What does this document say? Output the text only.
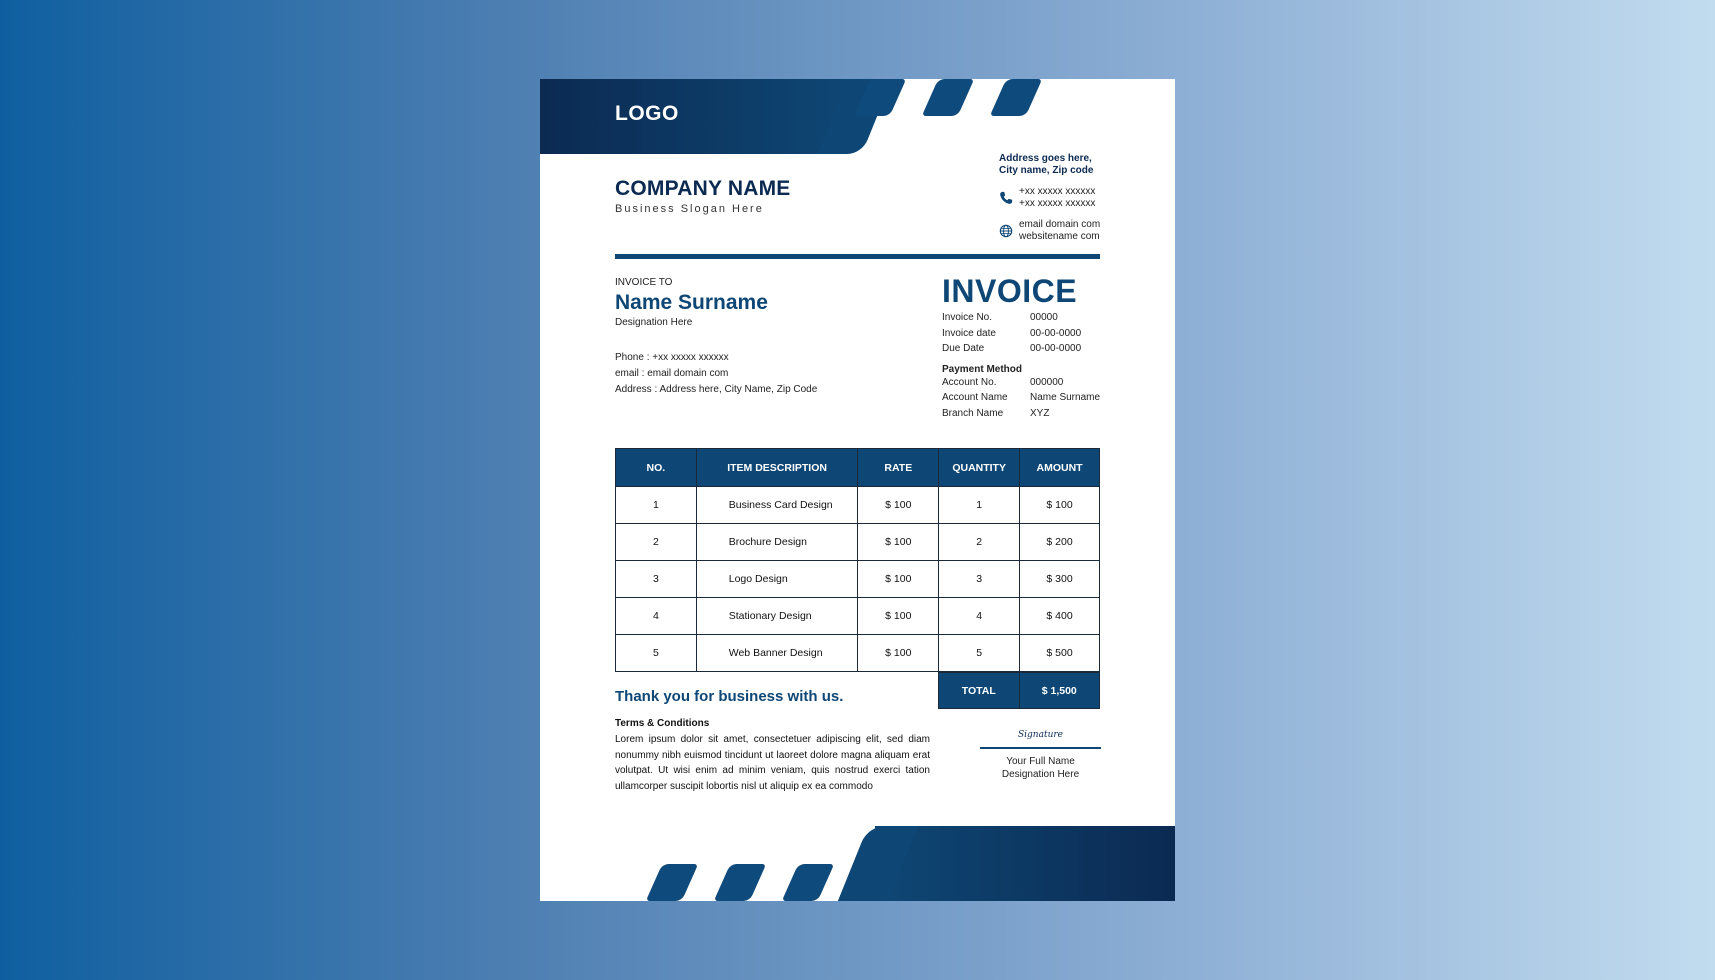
LOGO
COMPANY NAME
Business Slogan Here
Address goes here,
City name, Zip code
+xx xxxxx xxxxxx
+xx xxxxx xxxxxx
email domain com
websitename com
INVOICE TO
Name Surname
Designation Here
Phone : +xx xxxxx xxxxxx
email : email domain com
Address : Address here, City Name, Zip Code
INVOICE
Invoice No.	00000
Invoice date	00-00-0000
Due Date	00-00-0000
Payment Method
Account No.	000000
Account Name	Name Surname
Branch Name	XYZ
NO.	ITEM DESCRIPTION	RATE	QUANTITY	AMOUNT
1	Business Card Design	$ 100	1	$ 100
2	Brochure Design	$ 100	2	$ 200
3	Logo Design	$ 100	3	$ 300
4	Stationary Design	$ 100	4	$ 400
5	Web Banner Design	$ 100	5	$ 500
TOTAL	$ 1,500
Thank you for business with us.
Terms & Conditions
Lorem ipsum dolor sit amet, consectetuer adipiscing elit, sed diam nonummy nibh euismod tincidunt ut laoreet dolore magna aliquam erat volutpat. Ut wisi enim ad minim veniam, quis nostrud exerci tation ullamcorper suscipit lobortis nisl ut aliquip ex ea commodo
Signature
Your Full Name
Designation Here
